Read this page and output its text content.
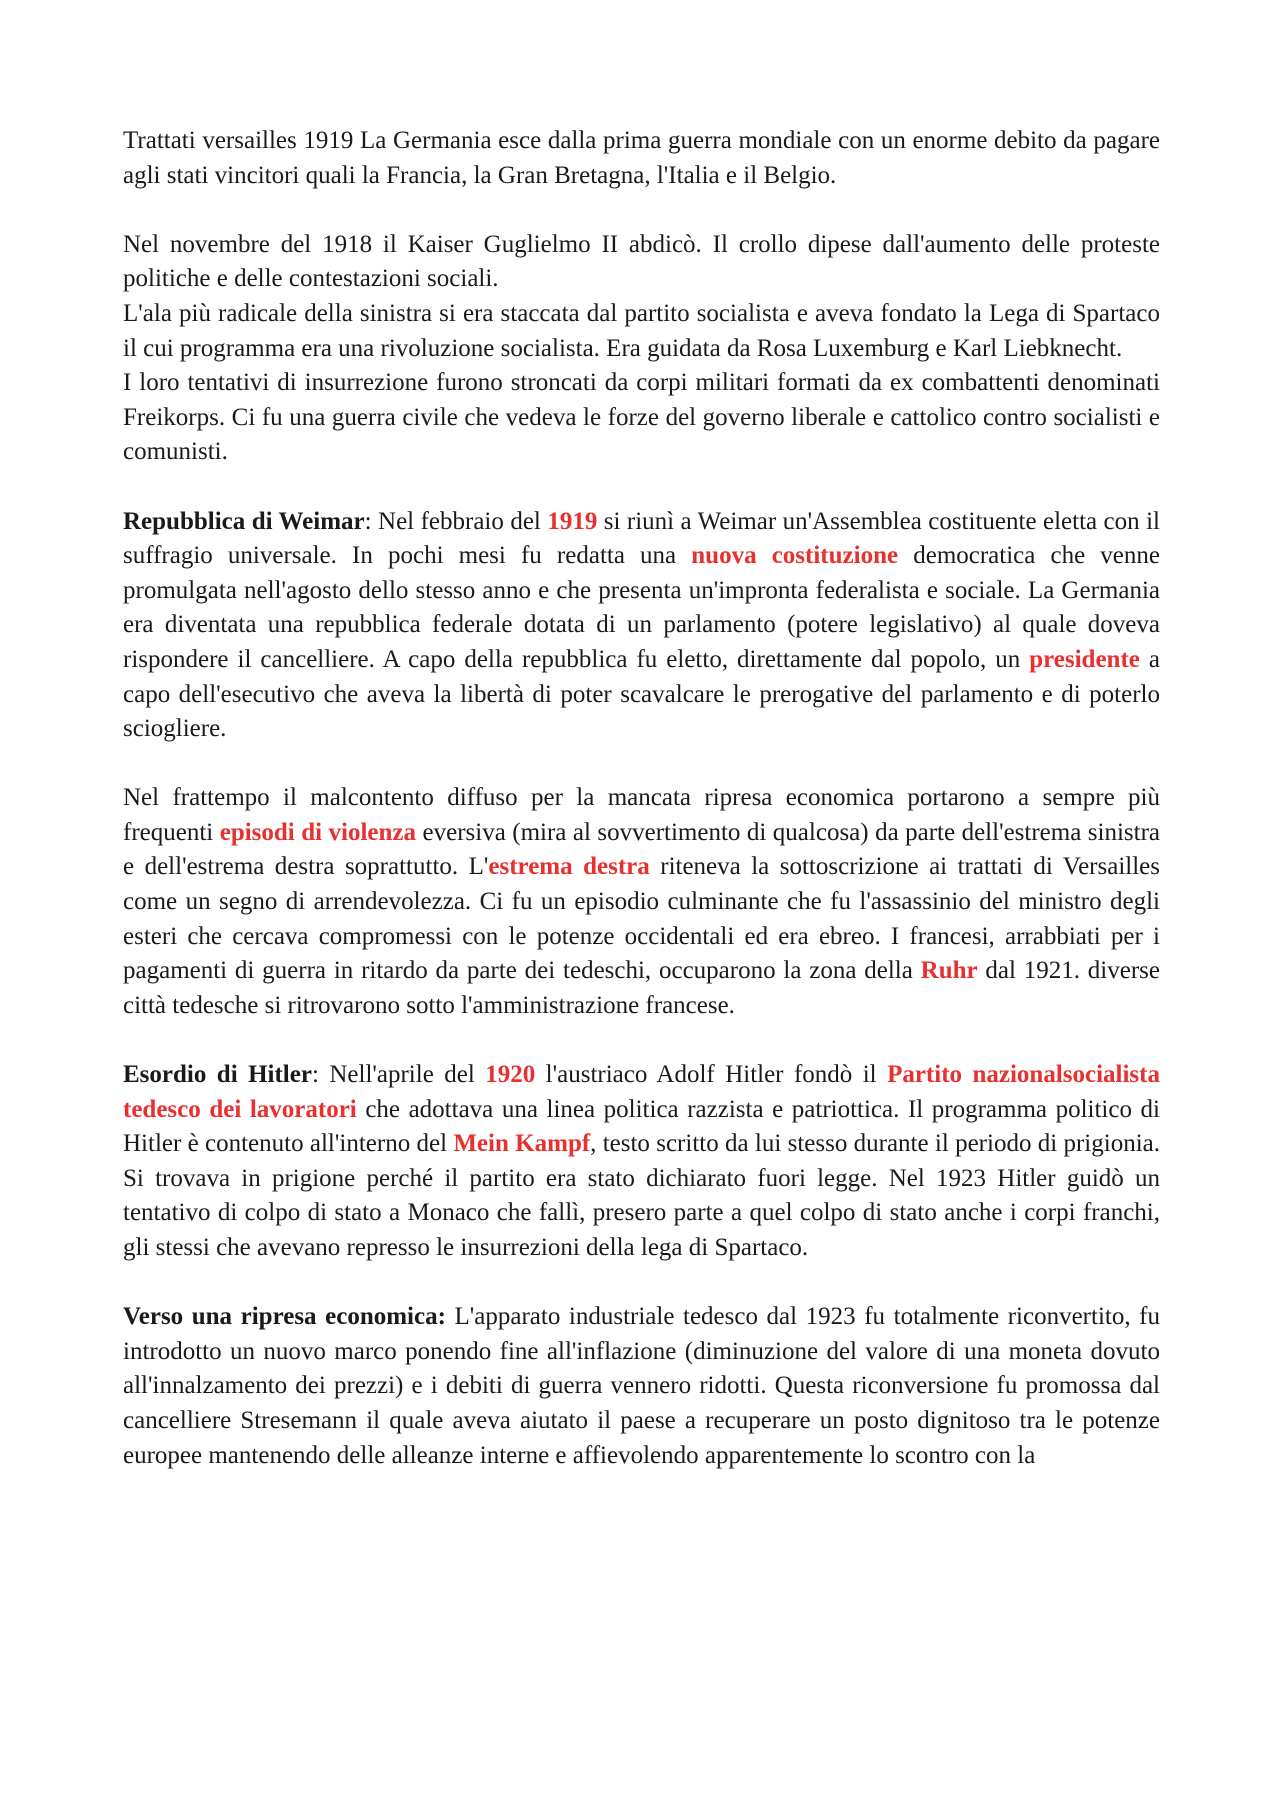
Trattati versailles 1919 La Germania esce dalla prima guerra mondiale con un enorme debito da pagare agli stati vincitori quali la Francia, la Gran Bretagna, l'Italia e il Belgio.

Nel novembre del 1918 il Kaiser Guglielmo II abdicò. Il crollo dipese dall'aumento delle proteste politiche e delle contestazioni sociali.

L'ala più radicale della sinistra si era staccata dal partito socialista e aveva fondato la Lega di Spartaco il cui programma era una rivoluzione socialista. Era guidata da Rosa Luxemburg e Karl Liebknecht.

I loro tentativi di insurrezione furono stroncati da corpi militari formati da ex combattenti denominati Freikorps. Ci fu una guerra civile che vedeva le forze del governo liberale e cattolico contro socialisti e comunisti.

Repubblica di Weimar: Nel febbraio del 1919 si riunì a Weimar un'Assemblea costituente eletta con il suffragio universale. In pochi mesi fu redatta una nuova costituzione democratica che venne promulgata nell'agosto dello stesso anno e che presenta un'impronta federalista e sociale. La Germania era diventata una repubblica federale dotata di un parlamento (potere legislativo) al quale doveva rispondere il cancelliere. A capo della repubblica fu eletto, direttamente dal popolo, un presidente a capo dell'esecutivo che aveva la libertà di poter scavalcare le prerogative del parlamento e di poterlo sciogliere.

Nel frattempo il malcontento diffuso per la mancata ripresa economica portarono a sempre più frequenti episodi di violenza eversiva (mira al sovvertimento di qualcosa) da parte dell'estrema sinistra e dell'estrema destra soprattutto. L'estrema destra riteneva la sottoscrizione ai trattati di Versailles come un segno di arrendevolezza. Ci fu un episodio culminante che fu l'assassinio del ministro degli esteri che cercava compromessi con le potenze occidentali ed era ebreo. I francesi, arrabbiati per i pagamenti di guerra in ritardo da parte dei tedeschi, occuparono la zona della Ruhr dal 1921. diverse città tedesche si ritrovarono sotto l'amministrazione francese.

Esordio di Hitler: Nell'aprile del 1920 l'austriaco Adolf Hitler fondò il Partito nazionalsocialista tedesco dei lavoratori che adottava una linea politica razzista e patriottica. Il programma politico di Hitler è contenuto all'interno del Mein Kampf, testo scritto da lui stesso durante il periodo di prigionia. Si trovava in prigione perché il partito era stato dichiarato fuori legge. Nel 1923 Hitler guidò un tentativo di colpo di stato a Monaco che fallì, presero parte a quel colpo di stato anche i corpi franchi, gli stessi che avevano represso le insurrezioni della lega di Spartaco.

Verso una ripresa economica: L'apparato industriale tedesco dal 1923 fu totalmente riconvertito, fu introdotto un nuovo marco ponendo fine all'inflazione (diminuzione del valore di una moneta dovuto all'innalzamento dei prezzi) e i debiti di guerra vennero ridotti. Questa riconversione fu promossa dal cancelliere Stresemann il quale aveva aiutato il paese a recuperare un posto dignitoso tra le potenze europee mantenendo delle alleanze interne e affievolendo apparentemente lo scontro con la
